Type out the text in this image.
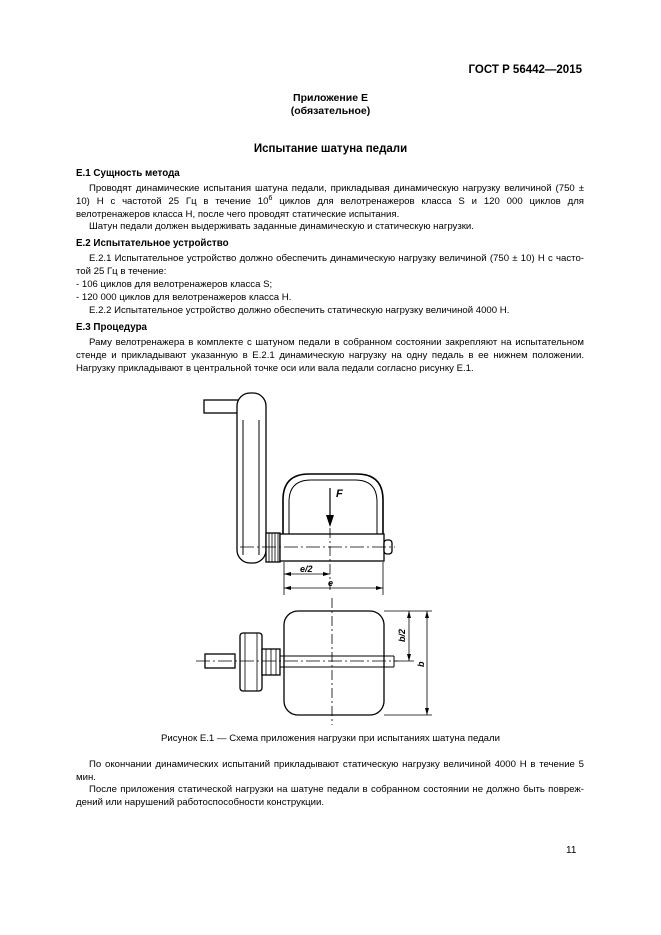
ГОСТ Р 56442—2015
Приложение Е
(обязательное)
Испытание шатуна педали
Е.1 Сущность метода
Проводят динамические испытания шатуна педали, прикладывая динамическую нагрузку величиной (750 ± 10) Н с частотой 25 Гц в течение $10^6$ циклов для велотренажеров класса S и 120 000 циклов для велотренажеров класса Н, после чего проводят статические испытания.
Шатун педали должен выдерживать заданные динамическую и статическую нагрузки.
Е.2 Испытательное устройство
Е.2.1 Испытательное устройство должно обеспечить динамическую нагрузку величиной (750 ± 10) Н с частотой 25 Гц в течение:
- 106 циклов для велотренажеров класса S;
- 120 000 циклов для велотренажеров класса Н.
Е.2.2 Испытательное устройство должно обеспечить статическую нагрузку величиной 4000 Н.
Е.3 Процедура
Раму велотренажера в комплекте с шатуном педали в собранном состоянии закрепляют на испытательном стенде и прикладывают указанную в Е.2.1 динамическую нагрузку на одну педаль в ее нижнем положении. Нагрузку прикладывают в центральной точке оси или вала педали согласно рисунку Е.1.
F
e/2
e
b/2
b
Рисунок Е.1 — Схема приложения нагрузки при испытаниях шатуна педали
По окончании динамических испытаний прикладывают статическую нагрузку величиной 4000 Н в течение 5 мин.
После приложения статической нагрузки на шатуне педали в собранном состоянии не должно быть повреждений или нарушений работоспособности конструкции.
11
